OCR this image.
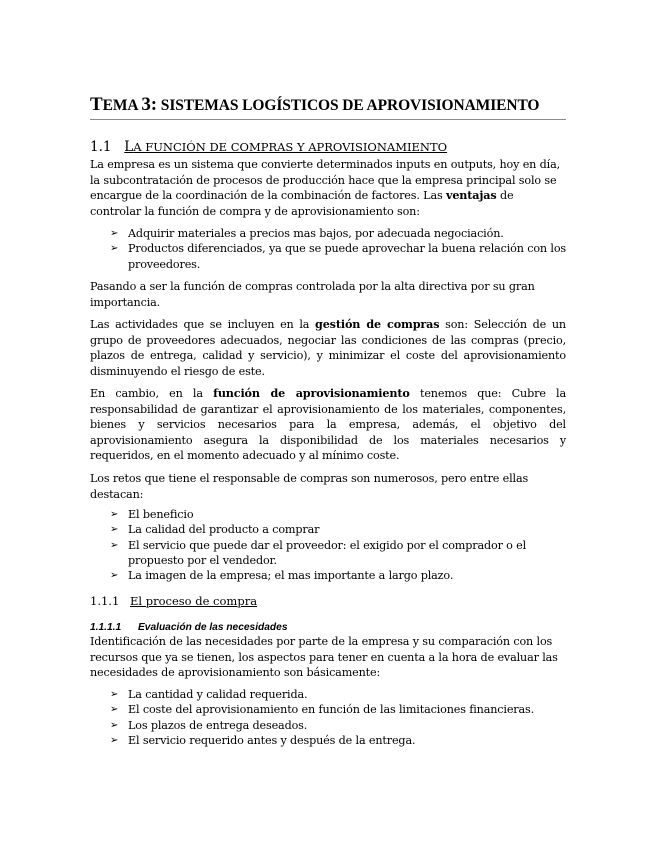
TEMA 3: SISTEMAS LOGÍSTICOS DE APROVISIONAMIENTO
1.1 LA FUNCIÓN DE COMPRAS Y APROVISIONAMIENTO

La empresa es un sistema que convierte determinados inputs en outputs, hoy en día, la subcontratación de procesos de producción hace que la empresa principal solo se encargue de la coordinación de la combinación de factores. Las ventajas de controlar la función de compra y de aprovisionamiento son:

➢ Adquirir materiales a precios mas bajos, por adecuada negociación.
➢ Productos diferenciados, ya que se puede aprovechar la buena relación con los proveedores.

Pasando a ser la función de compras controlada por la alta directiva por su gran importancia.

Las actividades que se incluyen en la gestión de compras son: Selección de un grupo de proveedores adecuados, negociar las condiciones de las compras (precio, plazos de entrega, calidad y servicio), y minimizar el coste del aprovisionamiento disminuyendo el riesgo de este.

En cambio, en la función de aprovisionamiento tenemos que: Cubre la responsabilidad de garantizar el aprovisionamiento de los materiales, componentes, bienes y servicios necesarios para la empresa, además, el objetivo del aprovisionamiento asegura la disponibilidad de los materiales necesarios y requeridos, en el momento adecuado y al mínimo coste.

Los retos que tiene el responsable de compras son numerosos, pero entre ellas destacan:

➢ El beneficio
➢ La calidad del producto a comprar
➢ El servicio que puede dar el proveedor: el exigido por el comprador o el propuesto por el vendedor.
➢ La imagen de la empresa; el mas importante a largo plazo.
1.1.1 El proceso de compra
1.1.1.1 Evaluación de las necesidades

Identificación de las necesidades por parte de la empresa y su comparación con los recursos que ya se tienen, los aspectos para tener en cuenta a la hora de evaluar las necesidades de aprovisionamiento son básicamente:

➢ La cantidad y calidad requerida.
➢ El coste del aprovisionamiento en función de las limitaciones financieras.
➢ Los plazos de entrega deseados.
➢ El servicio requerido antes y después de la entrega.
